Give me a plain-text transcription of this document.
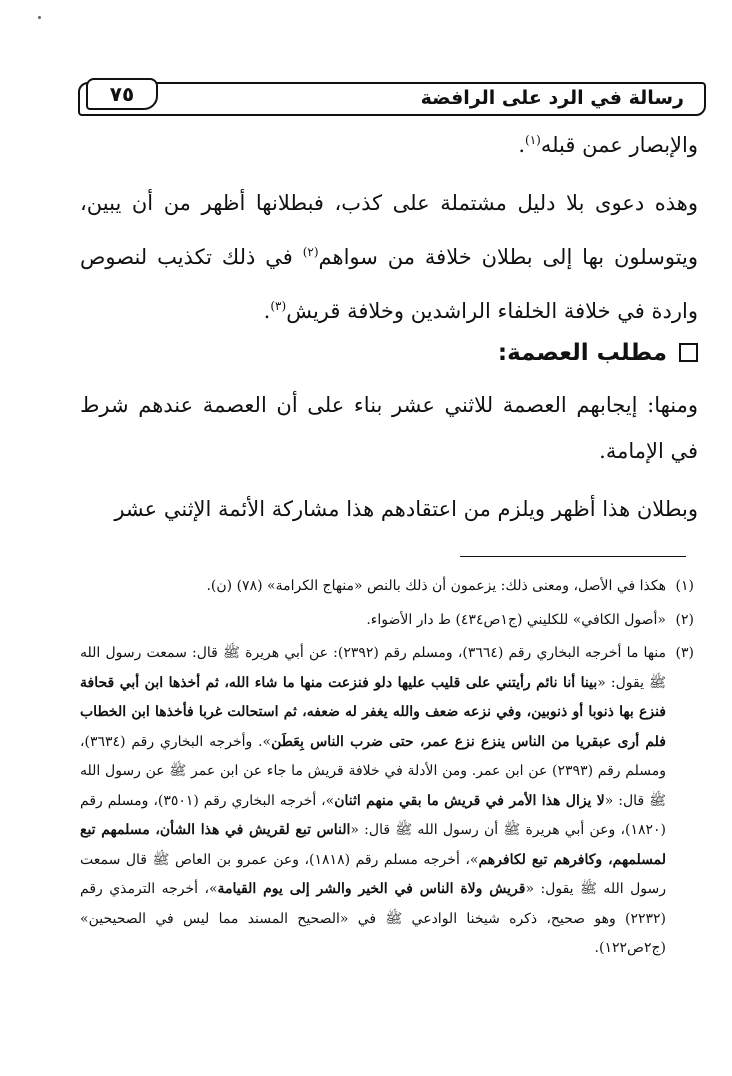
رسالة في الرد على الرافضة
٧٥

والإبصار عمن قبله$^{(١)}$.

وهذه دعوى بلا دليل مشتملة على كذب، فبطلانها أظهر من أن يبين، ويتوسلون بها إلى بطلان خلافة من سواهم$^{(٢)}$ في ذلك تكذيب لنصوص واردة في خلافة الخلفاء الراشدين وخلافة قريش$^{(٣)}$.

مطلب العصمة:

ومنها: إيجابهم العصمة للاثني عشر بناء على أن العصمة عندهم شرط في الإمامة.

وبطلان هذا أظهر ويلزم من اعتقادهم هذا مشاركة الأئمة الإثني عشر

(١)
هكذا في الأصل، ومعنى ذلك: يزعمون أن ذلك بالنص «منهاج الكرامة» (٧٨) (ن).
(٢)
«أصول الكافي» للكليني (ج١ص٤٣٤) ط دار الأضواء.
(٣)
منها ما أخرجه البخاري رقم (٣٦٦٤)، ومسلم رقم (٢٣٩٢): عن أبي هريرة ﷺ قال: سمعت رسول الله ﷺ يقول: «بينا أنا نائم رأيتني على قليب عليها دلو فنزعت منها ما شاء الله، ثم أخذها ابن أبي قحافة فنزع بها ذنوبا أو ذنوبين، وفي نزعه ضعف والله يغفر له ضعفه، ثم استحالت غربا فأخذها ابن الخطاب فلم أرى عبقريا من الناس ينزع نزع عمر، حتى ضرب الناس بِعَطَن». وأخرجه البخاري رقم (٣٦٣٤)، ومسلم رقم (٢٣٩٣) عن ابن عمر. ومن الأدلة في خلافة قريش ما جاء عن ابن عمر ﷺ عن رسول الله ﷺ قال: «لا يزال هذا الأمر في قريش ما بقي منهم اثنان»، أخرجه البخاري رقم (٣٥٠١)، ومسلم رقم (١٨٢٠)، وعن أبي هريرة ﷺ أن رسول الله ﷺ قال: «الناس تبع لقريش في هذا الشأن، مسلمهم تبع لمسلمهم، وكافرهم تبع لكافرهم»، أخرجه مسلم رقم (١٨١٨)، وعن عمرو بن العاص ﷺ قال سمعت رسول الله ﷺ يقول: «قريش ولاة الناس في الخير والشر إلى يوم القيامة»، أخرجه الترمذي رقم (٢٢٣٢) وهو صحيح، ذكره شيخنا الوادعي ﷺ في «الصحيح المسند مما ليس في الصحيحين» (ج٢ص١٢٢).
